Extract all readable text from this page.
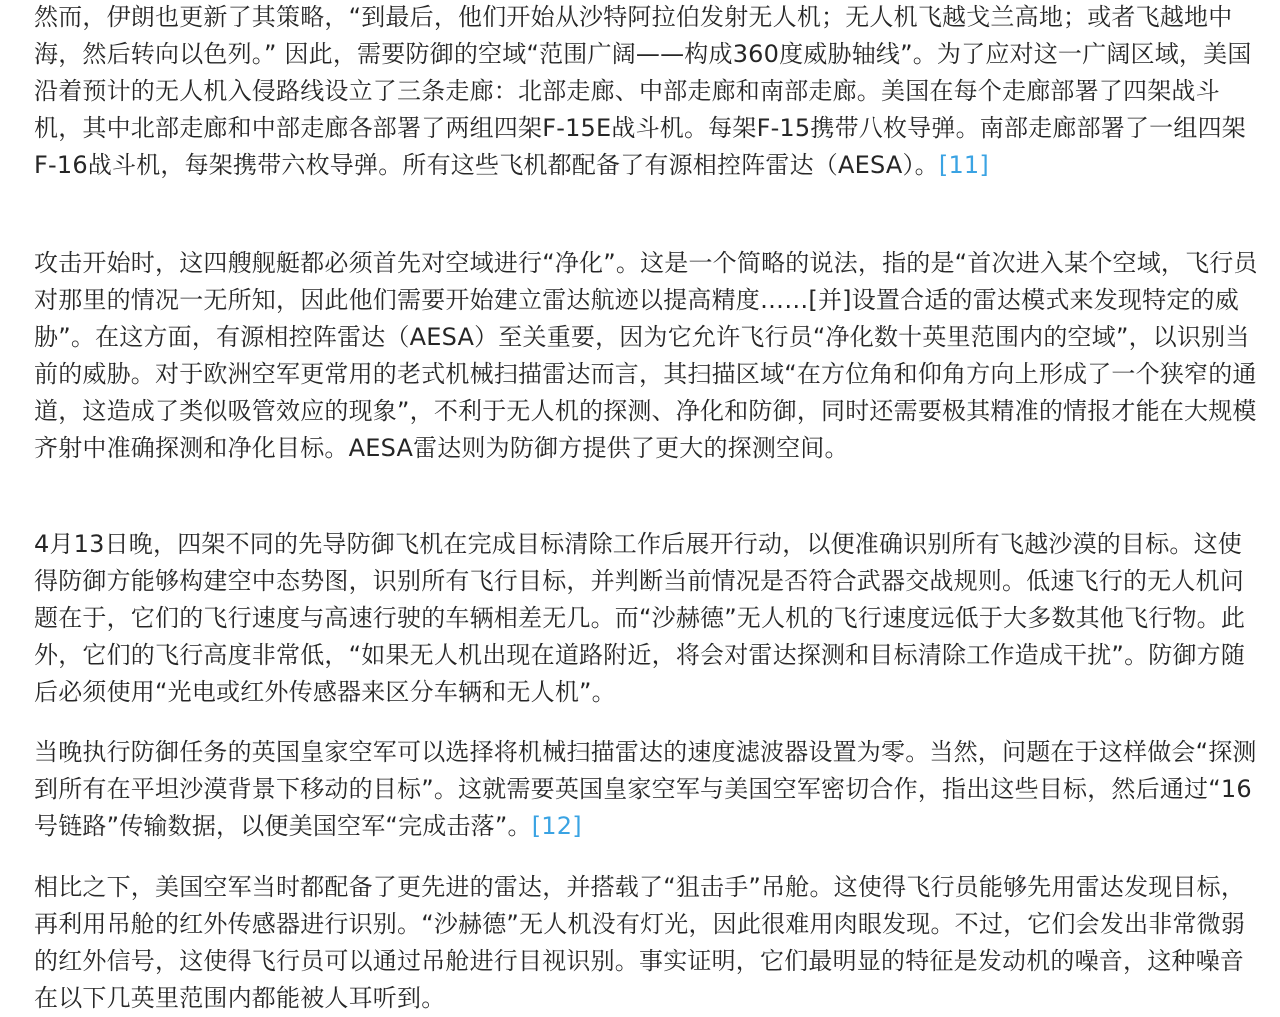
然而，伊朗也更新了其策略，“到最后，他们开始从沙特阿拉伯发射无人机；无人机飞越戈兰高地；或者飞越地中海，然后转向以色列。” 因此，需要防御的空域“范围广阔——构成360度威胁轴线”。为了应对这一广阔区域，美国沿着预计的无人机入侵路线设立了三条走廊：北部走廊、中部走廊和南部走廊。美国在每个走廊部署了四架战斗机，其中北部走廊和中部走廊各部署了两组四架F-15E战斗机。每架F-15携带八枚导弹。南部走廊部署了一组四架F-16战斗机，每架携带六枚导弹。所有这些飞机都配备了有源相控阵雷达（AESA）。[11]

攻击开始时，这四艘舰艇都必须首先对空域进行“净化”。这是一个简略的说法，指的是“首次进入某个空域，飞行员对那里的情况一无所知，因此他们需要开始建立雷达航迹以提高精度……[并]设置合适的雷达模式来发现特定的威胁”。在这方面，有源相控阵雷达（AESA）至关重要，因为它允许飞行员“净化数十英里范围内的空域”，以识别当前的威胁。对于欧洲空军更常用的老式机械扫描雷达而言，其扫描区域“在方位角和仰角方向上形成了一个狭窄的通道，这造成了类似吸管效应的现象”，不利于无人机的探测、净化和防御，同时还需要极其精准的情报才能在大规模齐射中准确探测和净化目标。AESA雷达则为防御方提供了更大的探测空间。

4月13日晚，四架不同的先导防御飞机在完成目标清除工作后展开行动，以便准确识别所有飞越沙漠的目标。这使得防御方能够构建空中态势图，识别所有飞行目标，并判断当前情况是否符合武器交战规则。低速飞行的无人机问题在于，它们的飞行速度与高速行驶的车辆相差无几。而“沙赫德”无人机的飞行速度远低于大多数其他飞行物。此外，它们的飞行高度非常低，“如果无人机出现在道路附近，将会对雷达探测和目标清除工作造成干扰”。防御方随后必须使用“光电或红外传感器来区分车辆和无人机”。

当晚执行防御任务的英国皇家空军可以选择将机械扫描雷达的速度滤波器设置为零。当然，问题在于这样做会“探测到所有在平坦沙漠背景下移动的目标”。这就需要英国皇家空军与美国空军密切合作，指出这些目标，然后通过“16号链路”传输数据，以便美国空军“完成击落”。[12]

相比之下，美国空军当时都配备了更先进的雷达，并搭载了“狙击手”吊舱。这使得飞行员能够先用雷达发现目标，再利用吊舱的红外传感器进行识别。“沙赫德”无人机没有灯光，因此很难用肉眼发现。不过，它们会发出非常微弱的红外信号，这使得飞行员可以通过吊舱进行目视识别。事实证明，它们最明显的特征是发动机的噪音，这种噪音在以下几英里范围内都能被人耳听到。
